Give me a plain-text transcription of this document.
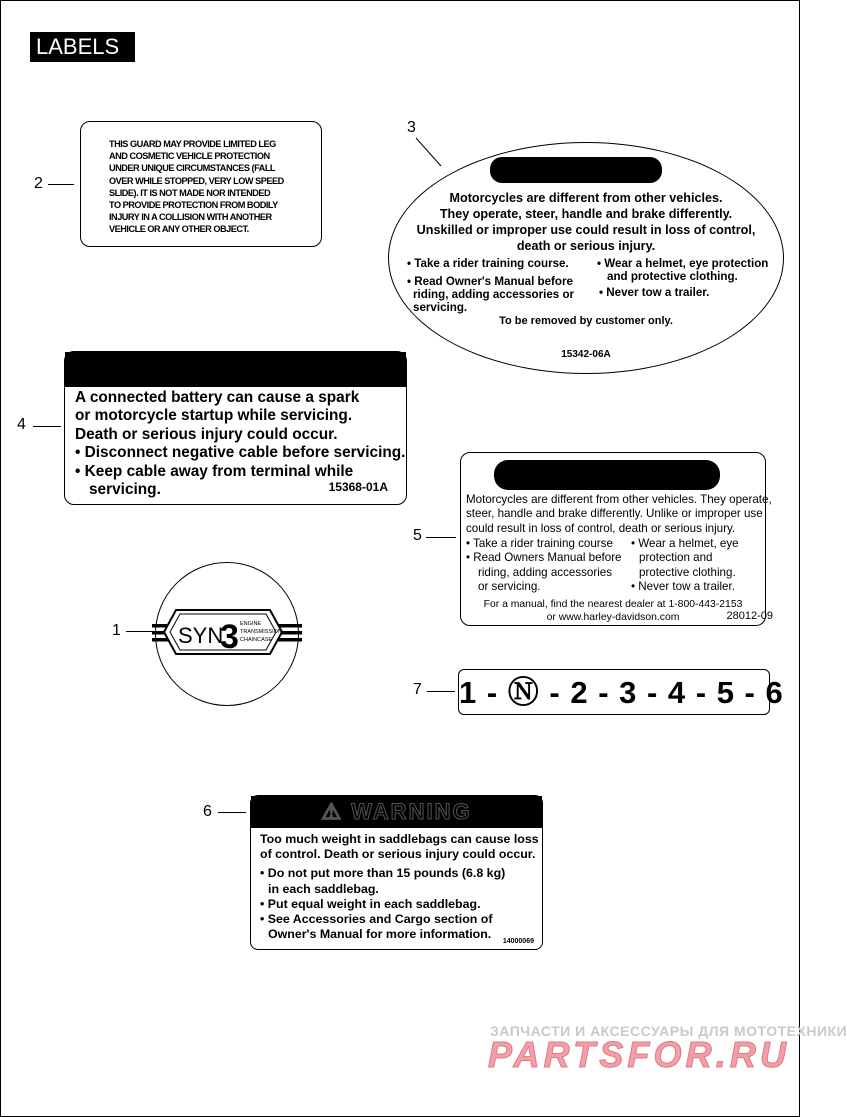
LABELS
2
3
4
5
1
7
6
THIS GUARD MAY PROVIDE LIMITED LEG
AND COSMETIC VEHICLE PROTECTION
UNDER UNIQUE CIRCUMSTANCES (FALL
OVER WHILE STOPPED, VERY LOW SPEED
SLIDE). IT IS NOT MADE NOR INTENDED
TO PROVIDE PROTECTION FROM BODILY
INJURY IN A COLLISION WITH ANOTHER
VEHICLE OR ANY OTHER OBJECT.
Motorcycles are different from other vehicles.
They operate, steer, handle and brake differently.
Unskilled or improper use could result in loss of control,
death or serious injury.
• Take a rider training course.
• Read Owner's Manual before
riding, adding accessories or
servicing.
• Wear a helmet, eye protection
and protective clothing.
• Never tow a trailer.
To be removed by customer only.
15342-06A
A connected battery can cause a spark
or motorcycle startup while servicing.
Death or serious injury could occur.
• Disconnect negative cable before servicing.
• Keep cable away from terminal while
servicing.	15368-01A
Motorcycles are different from other vehicles. They operate,
steer, handle and brake differently. Unlike or improper use
could result in loss of control, death or serious injury.
• Take a rider training course
• Read Owners Manual before
riding, adding accessories
or servicing.
• Wear a helmet, eye
protection and
protective clothing.
• Never tow a trailer.
For a manual, find the nearest dealer at 1-800-443-2153
or www.harley-davidson.com	28012-09
SYN
3 ENGINE
TRANSMISSION
CHAINCASE
1 - Ⓝ - 2 - 3 - 4 - 5 - 6
⚠ WARNING
Too much weight in saddlebags can cause loss
of control. Death or serious injury could occur.
• Do not put more than 15 pounds (6.8 kg)
in each saddlebag.
• Put equal weight in each saddlebag.
• See Accessories and Cargo section of
Owner's Manual for more information.
14000069
ЗАПЧАСТИ И АКСЕССУАРЫ ДЛЯ МОТОТЕХНИКИ
PARTSFOR.RU
